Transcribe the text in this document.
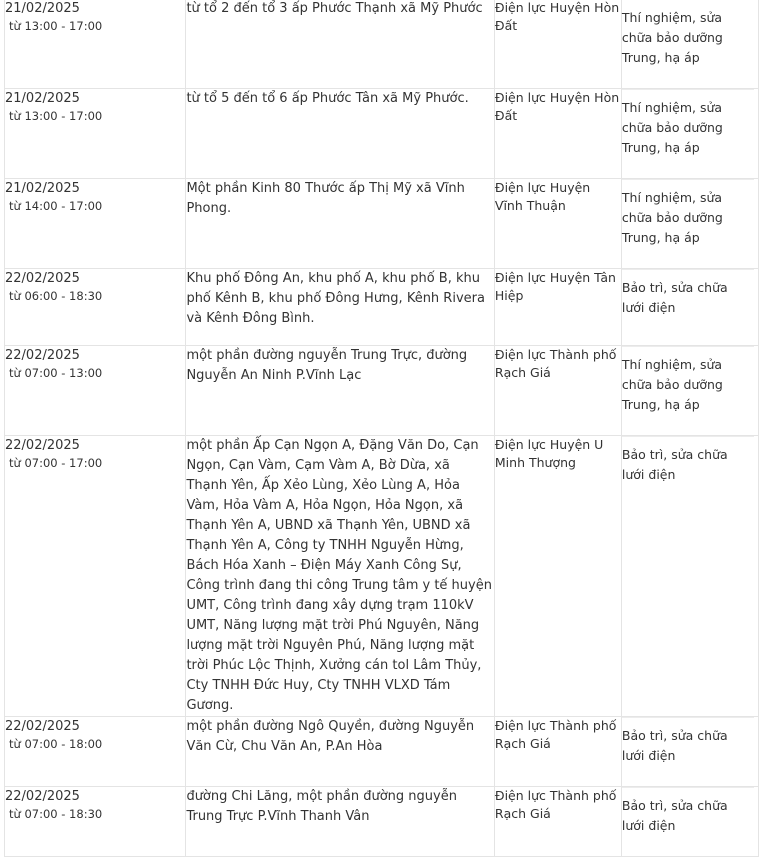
21/02/2025
từ 13:00 - 17:00	từ tổ 2 đến tổ 3 ấp Phước Thạnh xã Mỹ Phước	Điện lực Huyện Hòn Đất	Thí nghiệm, sửa chữa bảo dưỡng Trung, hạ áp

21/02/2025
từ 13:00 - 17:00	từ tổ 5 đến tổ 6 ấp Phước Tân xã Mỹ Phước.	Điện lực Huyện Hòn Đất	Thí nghiệm, sửa chữa bảo dưỡng Trung, hạ áp

21/02/2025
từ 14:00 - 17:00	Một phần Kinh 80 Thước ấp Thị Mỹ xã Vĩnh Phong.	Điện lực Huyện Vĩnh Thuận	Thí nghiệm, sửa chữa bảo dưỡng Trung, hạ áp

22/02/2025
từ 06:00 - 18:30	Khu phố Đông An, khu phố A, khu phố B, khu phố Kênh B, khu phố Đông Hưng, Kênh Rivera và Kênh Đông Bình.	Điện lực Huyện Tân Hiệp	Bảo trì, sửa chữa lưới điện

22/02/2025
từ 07:00 - 13:00	một phần đường nguyễn Trung Trực, đường Nguyễn An Ninh P.Vĩnh Lạc	Điện lực Thành phố Rạch Giá	Thí nghiệm, sửa chữa bảo dưỡng Trung, hạ áp

22/02/2025
từ 07:00 - 17:00	một phần Ấp Cạn Ngọn A, Đặng Văn Do, Cạn Ngọn, Cạn Vàm, Cạm Vàm A, Bờ Dừa, xã Thạnh Yên, Ấp Xẻo Lùng, Xẻo Lùng A, Hỏa Vàm, Hỏa Vàm A, Hỏa Ngọn, Hỏa Ngọn, xã Thạnh Yên A, UBND xã Thạnh Yên, UBND xã Thạnh Yên A, Công ty TNHH Nguyễn Hừng, Bách Hóa Xanh – Điện Máy Xanh Công Sự, Công trình đang thi công Trung tâm y tế huyện UMT, Công trình đang xây dựng trạm 110kV UMT, Năng lượng mặt trời Phú Nguyên, Năng lượng mặt trời Nguyên Phú, Năng lượng mặt trời Phúc Lộc Thịnh, Xưởng cán tol Lâm Thủy, Cty TNHH Đức Huy, Cty TNHH VLXD Tám Gương.	Điện lực Huyện U Minh Thượng	Bảo trì, sửa chữa lưới điện

22/02/2025
từ 07:00 - 18:00	một phần đường Ngô Quyền, đường Nguyễn Văn Cừ, Chu Văn An, P.An Hòa	Điện lực Thành phố Rạch Giá	Bảo trì, sửa chữa lưới điện

22/02/2025
từ 07:00 - 18:30	đường Chi Lăng, một phần đường nguyễn Trung Trực P.Vĩnh Thanh Vân	Điện lực Thành phố Rạch Giá	Bảo trì, sửa chữa lưới điện
